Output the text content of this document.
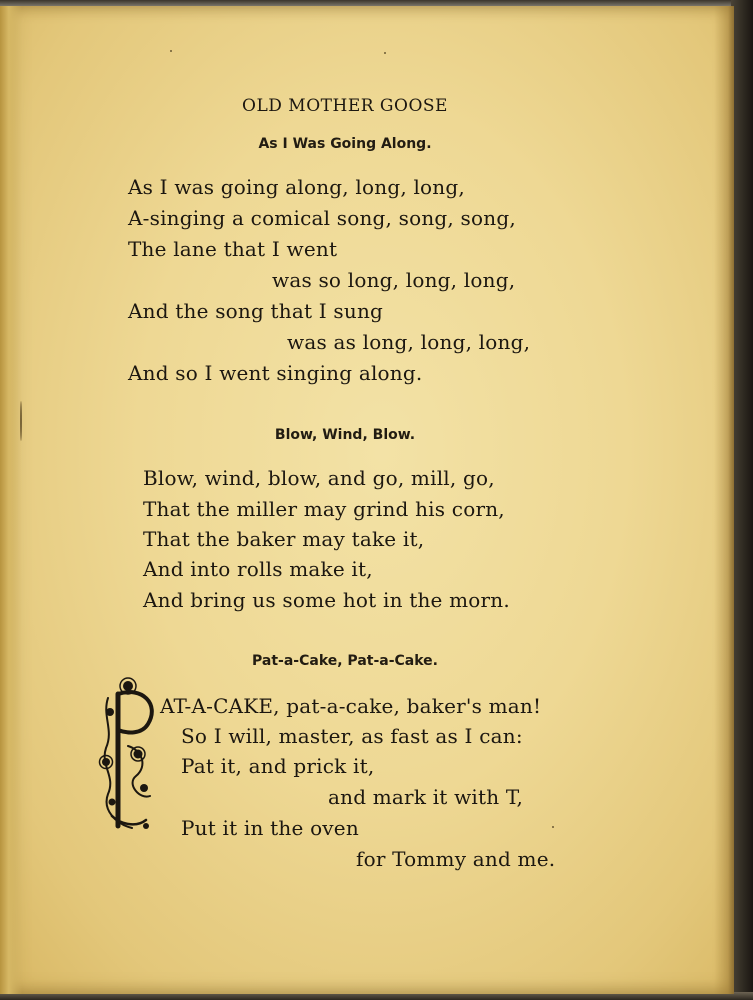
OLD MOTHER GOOSE
As I Was Going Along.
As I was going along, long, long,
A-singing a comical song, song, song,
The lane that I went
was so long, long, long,
And the song that I sung
was as long, long, long,
And so I went singing along.
Blow, Wind, Blow.
Blow, wind, blow, and go, mill, go,
That the miller may grind his corn,
That the baker may take it,
And into rolls make it,
And bring us some hot in the morn.
Pat-a-Cake, Pat-a-Cake.
AT-A-CAKE, pat-a-cake, baker's man!
So I will, master, as fast as I can:
Pat it, and prick it,
and mark it with T,
Put it in the oven
for Tommy and me.
